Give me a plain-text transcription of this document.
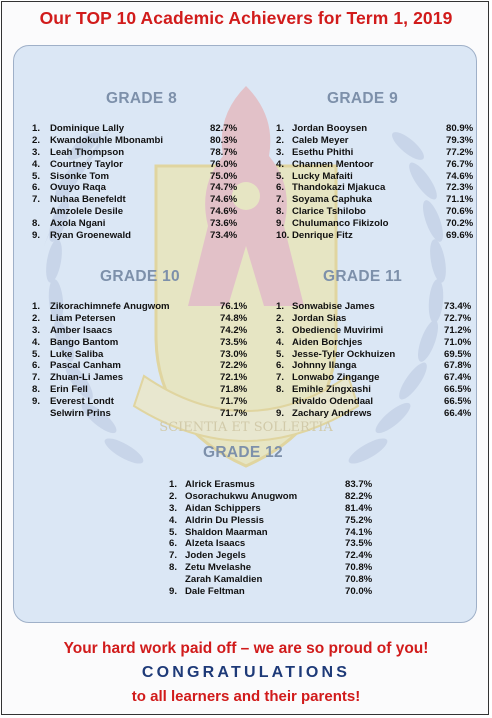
Our TOP 10 Academic Achievers for Term 1, 2019
SCIENTIA ET SOLLERTIA
GRADE 8
1. Dominique Lally	82.7%
2. Kwandokuhle Mbonambi	80.3%
3. Leah Thompson	78.7%
4. Courtney Taylor	76.0%
5. Sisonke Tom	75.0%
6. Ovuyo Raqa	74.7%
7. Nuhaa Benefeldt	74.6%
Amzolele Desile	74.6%
8. Axola Ngani	73.6%
9. Ryan Groenewald	73.4%
GRADE 9
1. Jordan Booysen	80.9%
2. Caleb Meyer	79.3%
3. Esethu Phithi	77.2%
4. Channen Mentoor	76.7%
5. Lucky Mafaiti	74.6%
6. Thandokazi Mjakuca	72.3%
7. Soyama Caphuka	71.1%
8. Clarice Tshilobo	70.6%
9. Chulumanco Fikizolo	70.2%
10. Denrique Fitz	69.6%
GRADE 10
1. Zikorachimnefe Anugwom	76.1%
2. Liam Petersen	74.8%
3. Amber Isaacs	74.2%
4. Bango Bantom	73.5%
5. Luke Saliba	73.0%
6. Pascal Canham	72.2%
7. Zhuan-Li James	72.1%
8. Erin Fell	71.8%
9. Everest Londt	71.7%
Selwirn Prins	71.7%
GRADE 11
1. Sonwabise James	73.4%
2. Jordan Sias	72.7%
3. Obedience Muvirimi	71.2%
4. Aiden Borchjes	71.0%
5. Jesse-Tyler Ockhuizen	69.5%
6. Johnny Ilanga	67.8%
7. Lonwabo Zingange	67.4%
8. Emihle Zingxashi	66.5%
Rivaldo Odendaal	66.5%
9. Zachary Andrews	66.4%
GRADE 12
1. Alrick Erasmus	83.7%
2. Osorachukwu Anugwom	82.2%
3. Aidan Schippers	81.4%
4. Aldrin Du Plessis	75.2%
5. Shaldon Maarman	74.1%
6. Alzeta Isaacs	73.5%
7. Joden Jegels	72.4%
8. Zetu Mvelashe	70.8%
Zarah Kamaldien	70.8%
9. Dale Feltman	70.0%
Your hard work paid off – we are so proud of you!
CONGRATULATIONS
to all learners and their parents!
